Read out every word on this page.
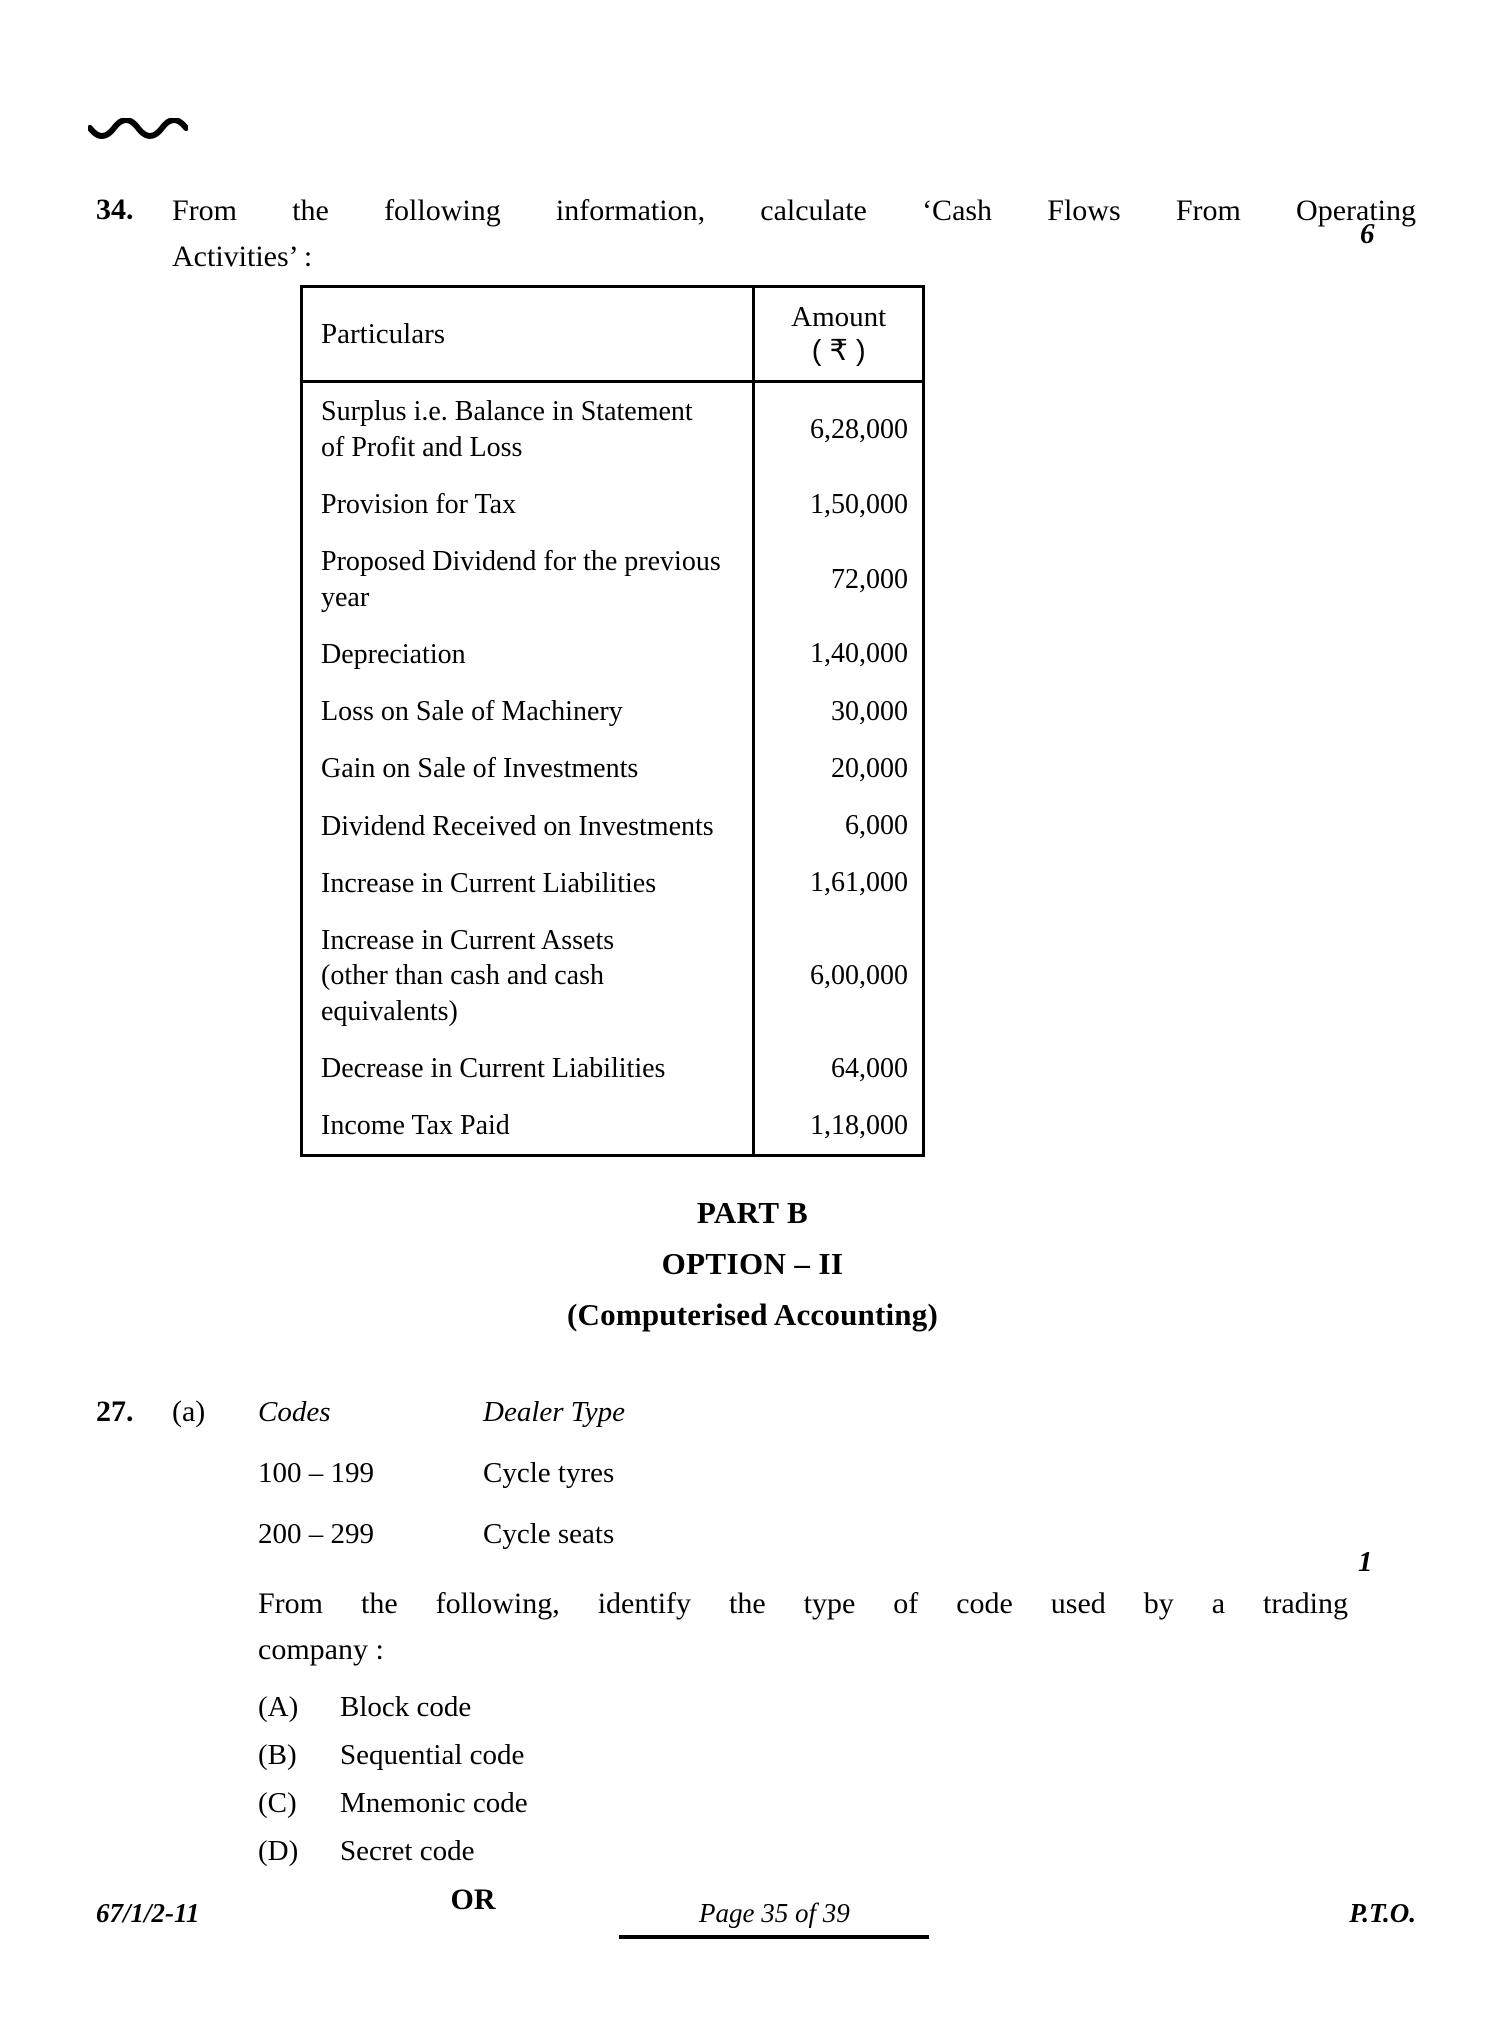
34.	From the following information, calculate ‘Cash Flows From Operating
Activities’ :
6
Particulars	Amount
( ₹ )

Surplus i.e. Balance in Statement
of Profit and Loss	6,28,000
Provision for Tax	1,50,000
Proposed Dividend for the previous year	72,000
Depreciation	1,40,000
Loss on Sale of Machinery	30,000
Gain on Sale of Investments	20,000
Dividend Received on Investments	6,000
Increase in Current Liabilities	1,61,000

Increase in Current Assets
(other than cash and cash equivalents)	6,00,000
Decrease in Current Liabilities	64,000
Income Tax Paid	1,18,000
PART B
OPTION – II
(Computerised Accounting)
27.	(a)	Codes	Dealer Type
100 – 199	Cycle tyres
200 – 299	Cycle seats
From the following, identify the type of code used by a trading
company :
(A)	Block code
(B)	Sequential code
(C)	Mnemonic code
(D)	Secret code
OR
1
67/1/2-11	Page 35 of 39	P.T.O.
